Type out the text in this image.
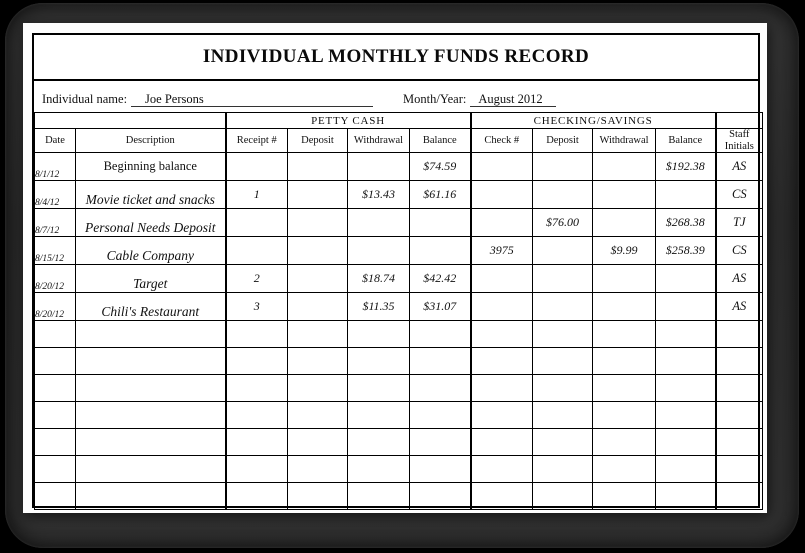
INDIVIDUAL MONTHLY FUNDS RECORD
Individual name:	Joe Persons	Month/Year: August 2012
		PETTY CASH				CHECKING/SAVINGS				
Date	Description	Receipt #	Deposit	Withdrawal	Balance	Check #	Deposit	Withdrawal	Balance	Staff Initials
8/1/12	Beginning balance				$74.59				$192.38	AS
8/4/12	Movie ticket and snacks	1		$13.43	$61.16					CS
8/7/12	Personal Needs Deposit						$76.00		$268.38	TJ
8/15/12	Cable Company					3975		$9.99	$258.39	CS
8/20/12	Target	2		$18.74	$42.42					AS
8/20/12	Chili's Restaurant	3		$11.35	$31.07					AS
